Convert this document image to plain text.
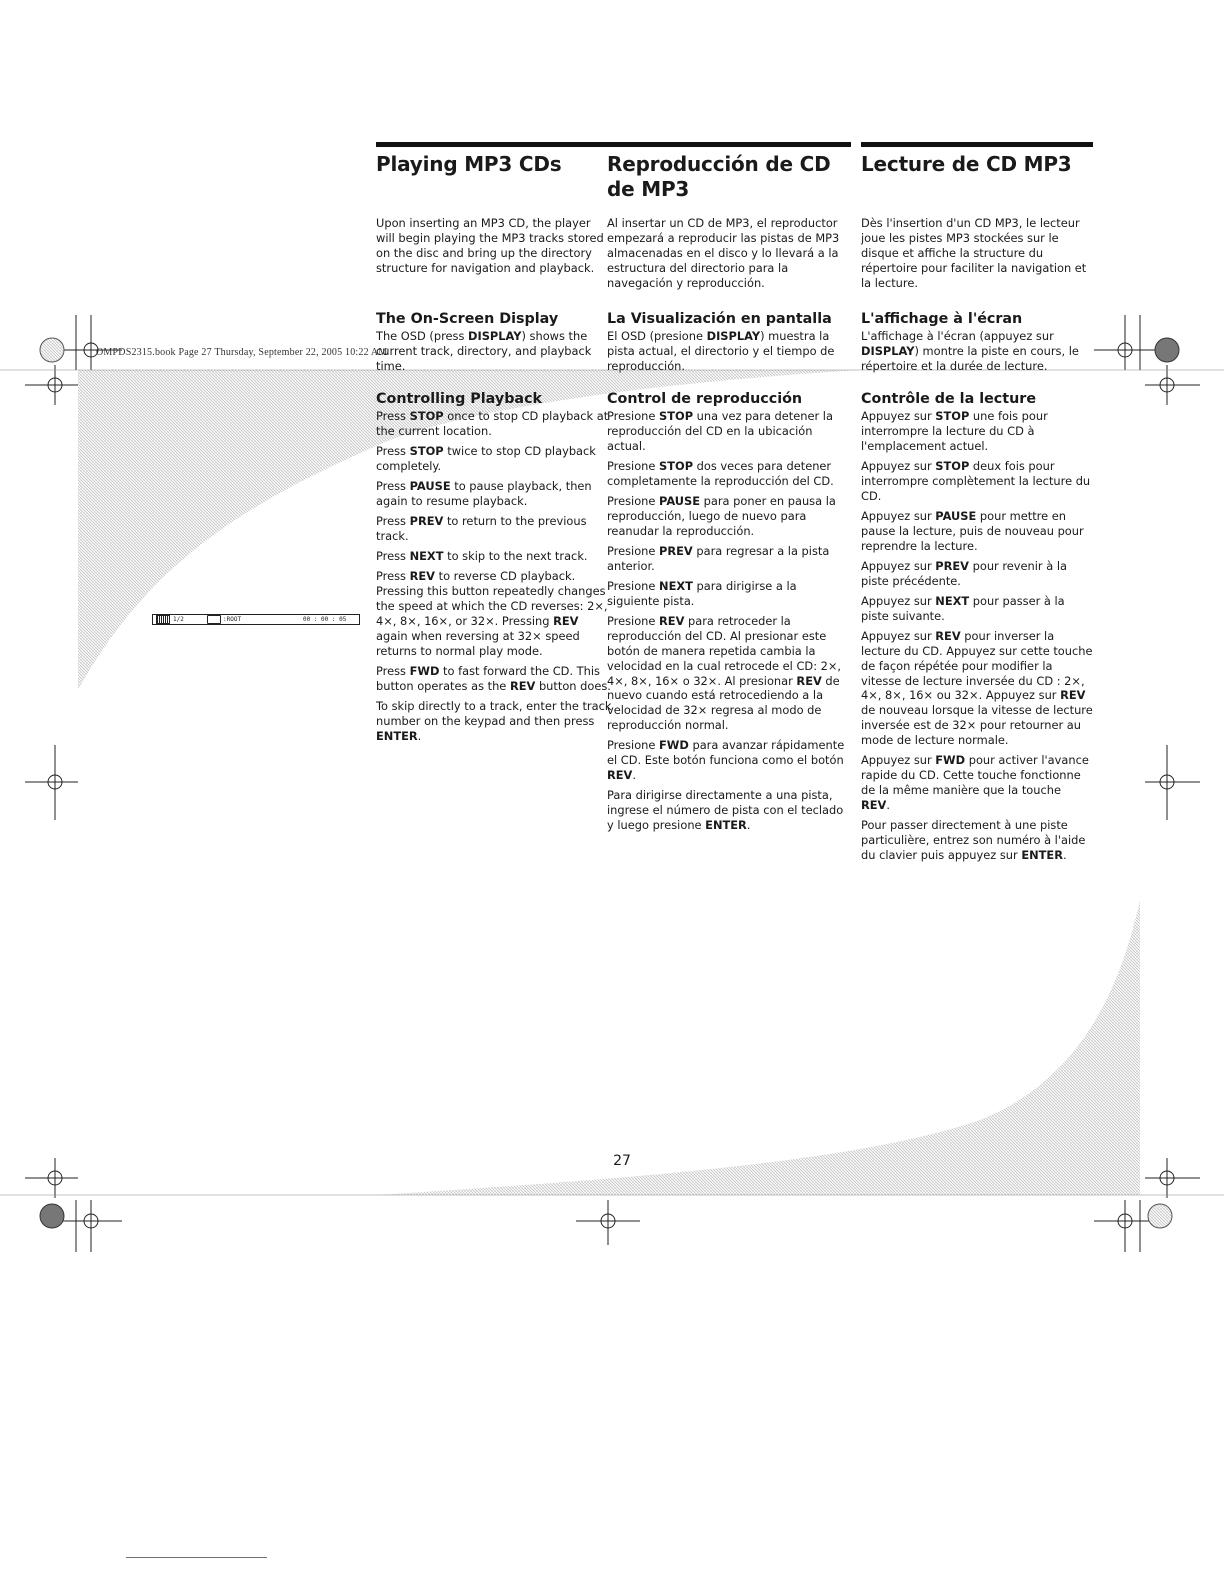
OMPDS2315.book Page 27 Thursday, September 22, 2005 10:22 AM
1/2	:ROOT	00 : 00 : 05
Playing MP3 CDs

Upon inserting an MP3 CD, the player will begin playing the MP3 tracks stored on the disc and bring up the directory structure for navigation and playback.

The On-Screen Display

The OSD (press DISPLAY) shows the current track, directory, and playback time.

Controlling Playback

Press STOP once to stop CD playback at the current location.

Press STOP twice to stop CD playback completely.

Press PAUSE to pause playback, then again to resume playback.

Press PREV to return to the previous track.

Press NEXT to skip to the next track.

Press REV to reverse CD playback. Pressing this button repeatedly changes the speed at which the CD reverses: 2×, 4×, 8×, 16×, or 32×. Pressing REV again when reversing at 32× speed returns to normal play mode.

Press FWD to fast forward the CD. This button operates as the REV button does.

To skip directly to a track, enter the track number on the keypad and then press ENTER.

Reproducción de CD de MP3

Al insertar un CD de MP3, el reproductor empezará a reproducir las pistas de MP3 almacenadas en el disco y lo llevará a la estructura del directorio para la navegación y reproducción.

La Visualización en pantalla

El OSD (presione DISPLAY) muestra la pista actual, el directorio y el tiempo de reproducción.

Control de reproducción

Presione STOP una vez para detener la reproducción del CD en la ubicación actual.

Presione STOP dos veces para detener completamente la reproducción del CD.

Presione PAUSE para poner en pausa la reproducción, luego de nuevo para reanudar la reproducción.

Presione PREV para regresar a la pista anterior.

Presione NEXT para dirigirse a la siguiente pista.

Presione REV para retroceder la reproducción del CD. Al presionar este botón de manera repetida cambia la velocidad en la cual retrocede el CD: 2×, 4×, 8×, 16× o 32×. Al presionar REV de nuevo cuando está retrocediendo a la velocidad de 32× regresa al modo de reproducción normal.

Presione FWD para avanzar rápidamente el CD. Este botón funciona como el botón REV.

Para dirigirse directamente a una pista, ingrese el número de pista con el teclado y luego presione ENTER.

Lecture de CD MP3

Dès l'insertion d'un CD MP3, le lecteur joue les pistes MP3 stockées sur le disque et affiche la structure du répertoire pour faciliter la navigation et la lecture.

L'affichage à l'écran

L'affichage à l'écran (appuyez sur DISPLAY) montre la piste en cours, le répertoire et la durée de lecture.

Contrôle de la lecture

Appuyez sur STOP une fois pour interrompre la lecture du CD à l'emplacement actuel.

Appuyez sur STOP deux fois pour interrompre complètement la lecture du CD.

Appuyez sur PAUSE pour mettre en pause la lecture, puis de nouveau pour reprendre la lecture.

Appuyez sur PREV pour revenir à la piste précédente.

Appuyez sur NEXT pour passer à la piste suivante.

Appuyez sur REV pour inverser la lecture du CD. Appuyez sur cette touche de façon répétée pour modifier la vitesse de lecture inversée du CD : 2×, 4×, 8×, 16× ou 32×. Appuyez sur REV de nouveau lorsque la vitesse de lecture inversée est de 32× pour retourner au mode de lecture normale.

Appuyez sur FWD pour activer l'avance rapide du CD. Cette touche fonctionne de la même manière que la touche REV.

Pour passer directement à une piste particulière, entrez son numéro à l'aide du clavier puis appuyez sur ENTER.

27
